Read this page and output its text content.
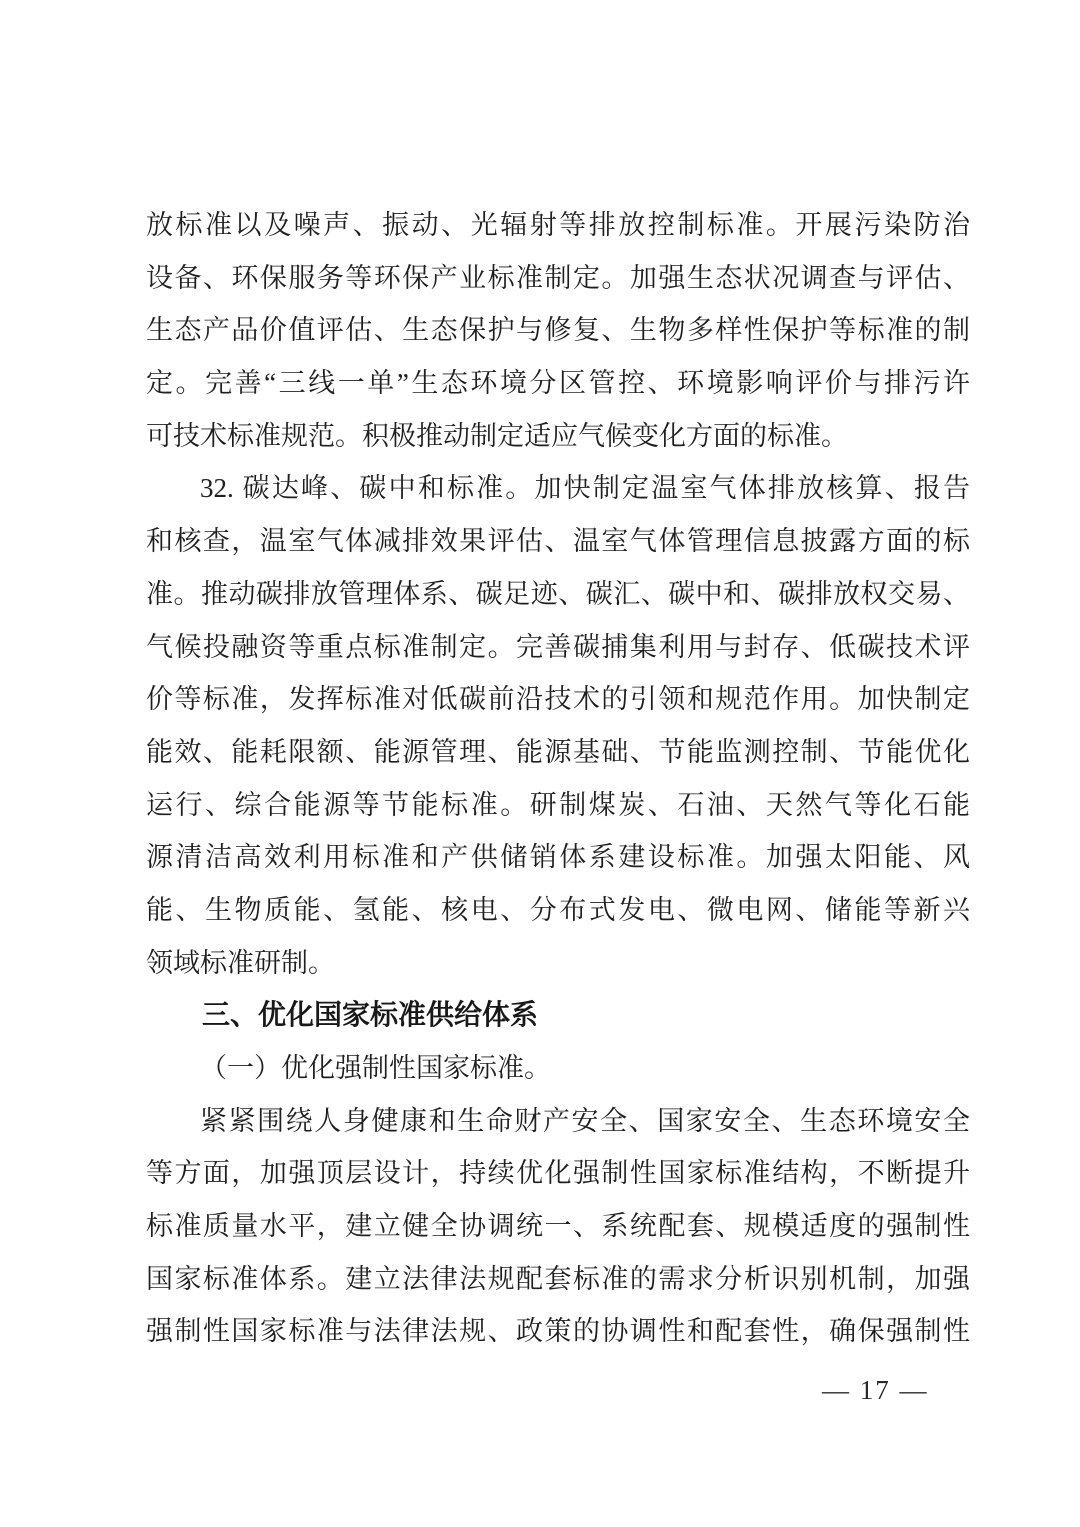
放标准以及噪声、振动、光辐射等排放控制标准。开展污染防治
设备、环保服务等环保产业标准制定。加强生态状况调查与评估、
生态产品价值评估、生态保护与修复、生物多样性保护等标准的制
定。完善“三线一单”生态环境分区管控、环境影响评价与排污许
可技术标准规范。积极推动制定适应气候变化方面的标准。
32. 碳达峰、碳中和标准。加快制定温室气体排放核算、报告
和核查，温室气体减排效果评估、温室气体管理信息披露方面的标
准。推动碳排放管理体系、碳足迹、碳汇、碳中和、碳排放权交易、
气候投融资等重点标准制定。完善碳捕集利用与封存、低碳技术评
价等标准，发挥标准对低碳前沿技术的引领和规范作用。加快制定
能效、能耗限额、能源管理、能源基础、节能监测控制、节能优化
运行、综合能源等节能标准。研制煤炭、石油、天然气等化石能
源清洁高效利用标准和产供储销体系建设标准。加强太阳能、风
能、生物质能、氢能、核电、分布式发电、微电网、储能等新兴
领域标准研制。
三、优化国家标准供给体系
（一）优化强制性国家标准。
紧紧围绕人身健康和生命财产安全、国家安全、生态环境安全
等方面，加强顶层设计，持续优化强制性国家标准结构，不断提升
标准质量水平，建立健全协调统一、系统配套、规模适度的强制性
国家标准体系。建立法律法规配套标准的需求分析识别机制，加强
强制性国家标准与法律法规、政策的协调性和配套性，确保强制性
— 17 —
